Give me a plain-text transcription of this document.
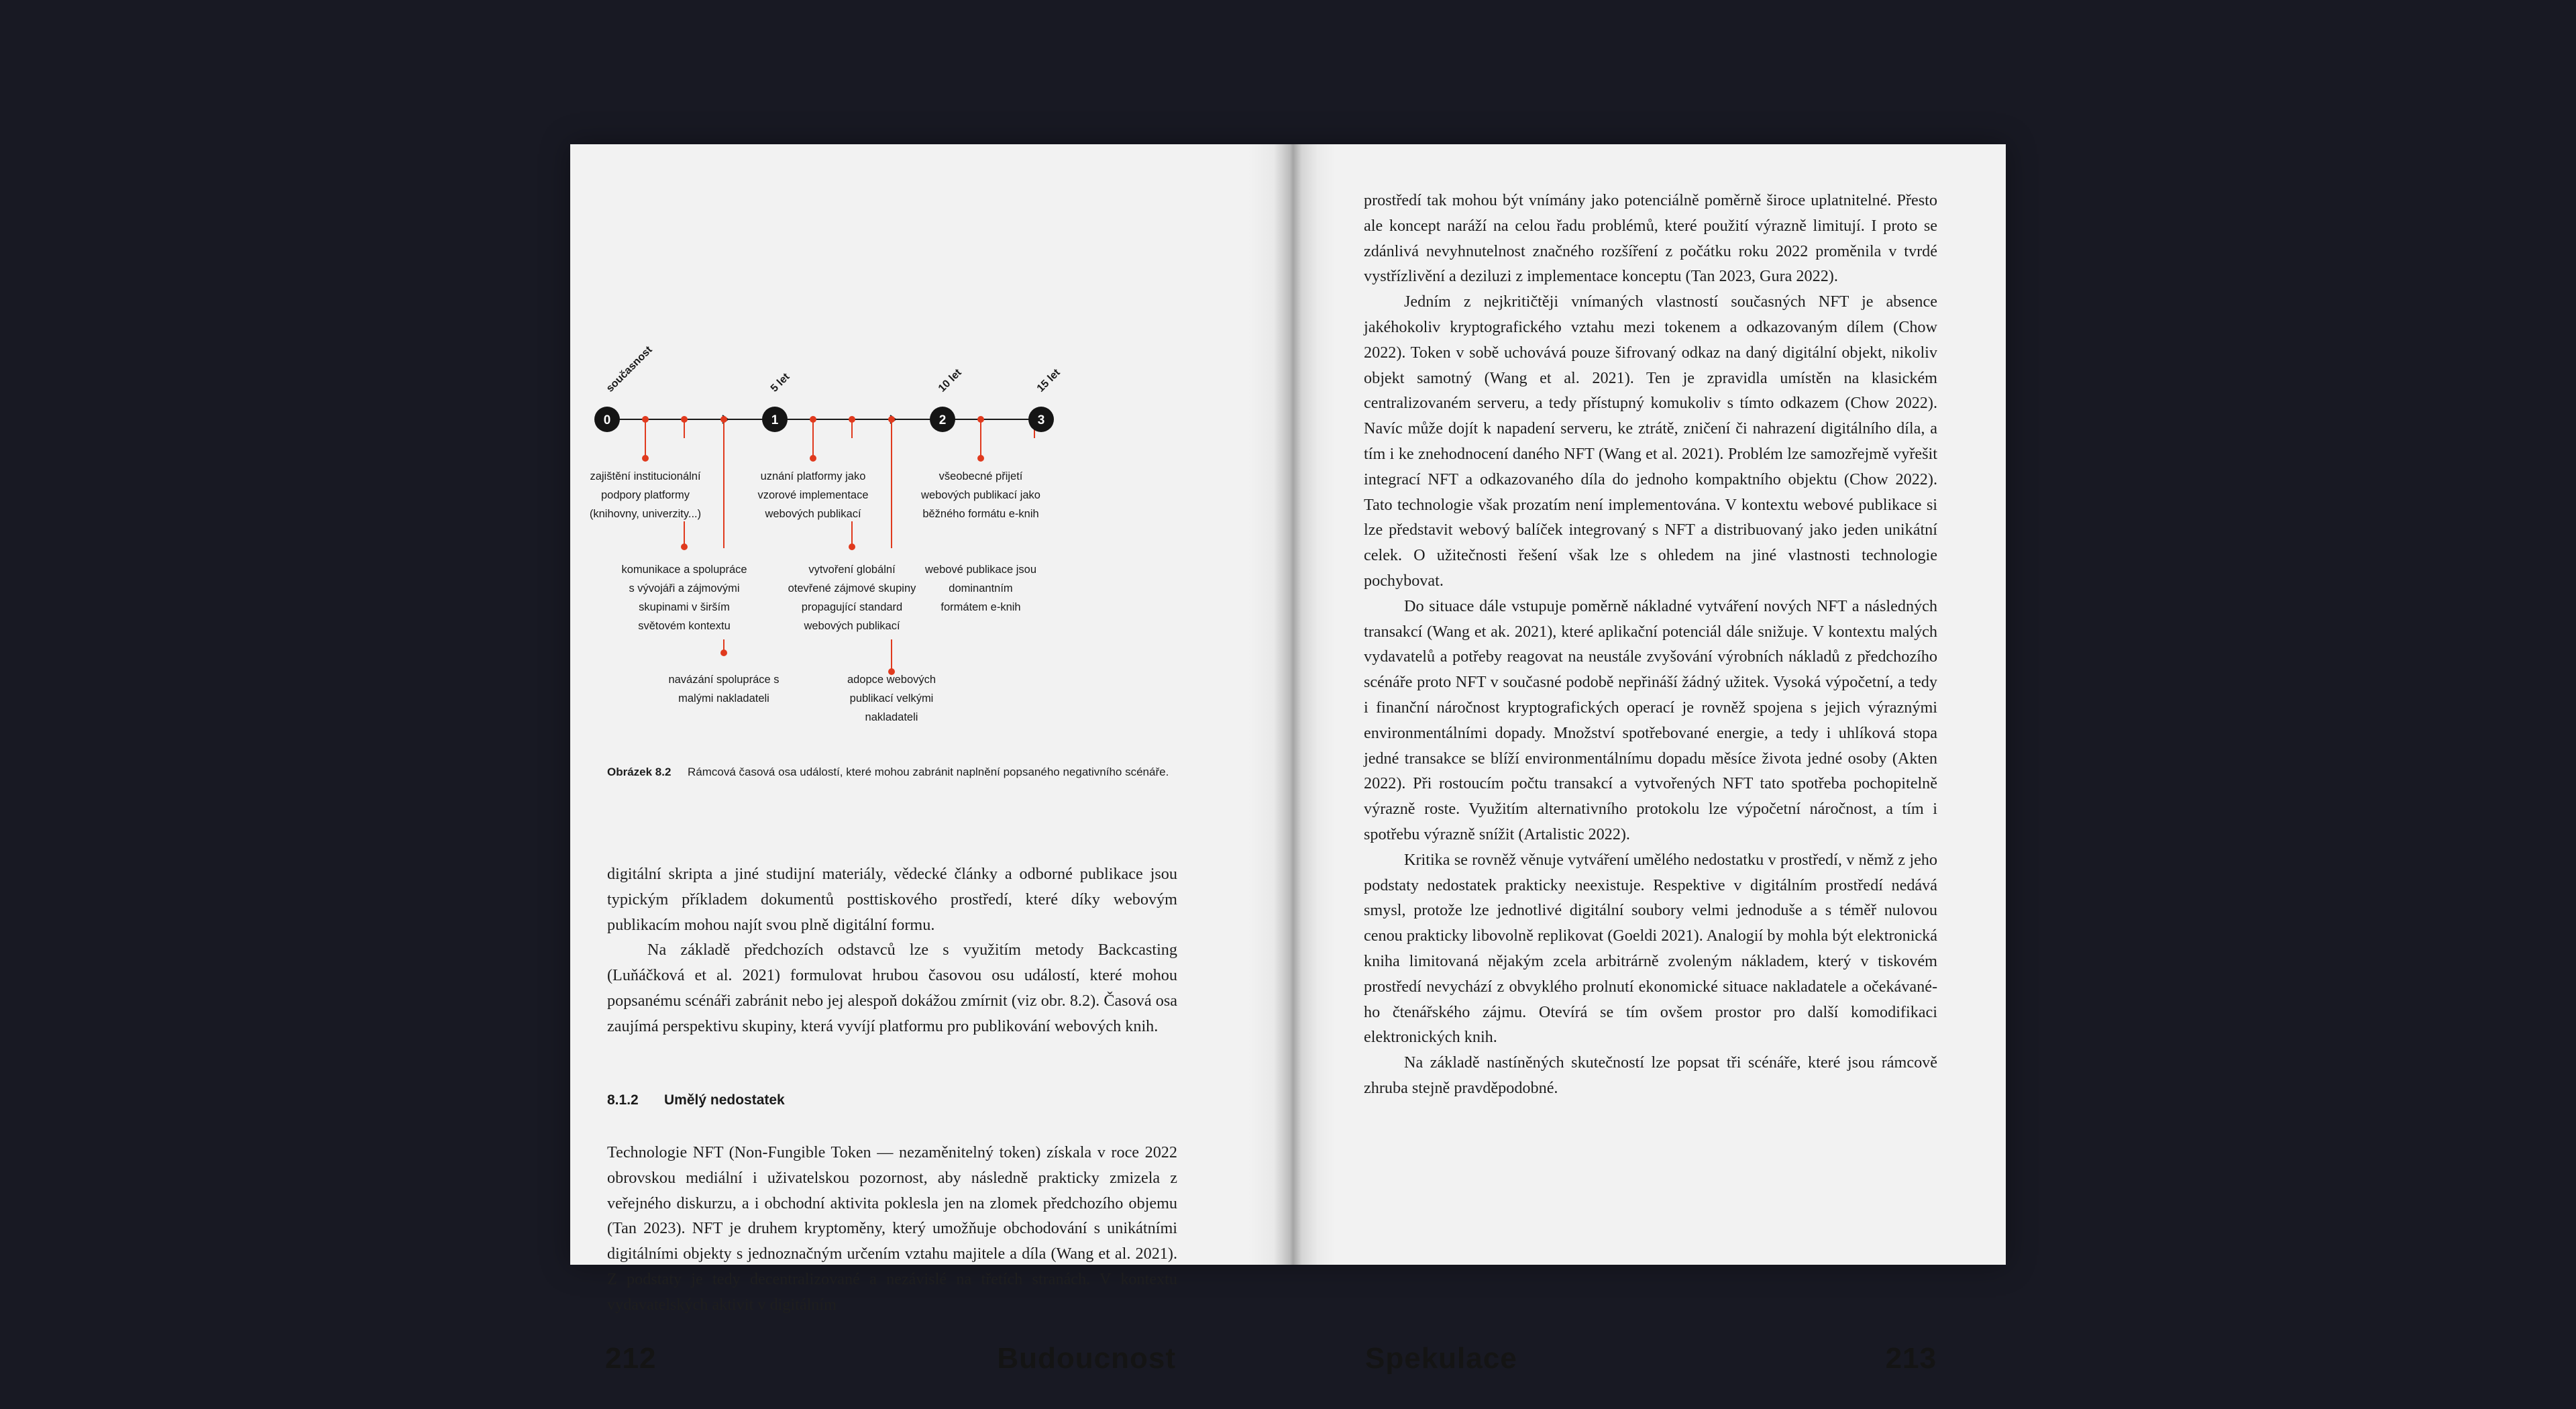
0
současnost
1
5 let
2
10 let
3
15 let
zajištění institucionální
podpory platformy
(knihovny, univerzity...)
komunikace a spolupráce
s vývojáři a zájmovými
skupinami v širším
světovém kontextu
navázání spolupráce s
malými nakladateli
uznání platformy jako
vzorové implementace
webových publikací
vytvoření globální
otevřené zájmové skupiny
propagující standard
webových publikací
adopce webových
publikací velkými
nakladateli
všeobecné přijetí
webových publikací jako
běžného formátu e-knih
webové publikace jsou
dominantním
formátem e-knih
Obrázek 8.2 Rámcová časová osa událostí, které mohou zabránit naplnění popsaného negativního scénáře.

digitální skripta a jiné studijní materiály, vědecké články a odborné publikace jsou typickým příkladem dokumentů posttiskového prostředí, které díky webovým publikacím mohou najít svou plně digitální formu.

Na základě předchozích odstavců lze s využitím metody Backcasting (Luňáčková et al. 2021) formulovat hrubou časovou osu událostí, které mohou popsanému scénáři zabránit nebo jej alespoň dokážou zmírnit (viz obr. 8.2). Časová osa zaujímá perspektivu skupiny, která vyvíjí platformu pro publikování webových knih.

8.1.2 Umělý nedostatek

Technologie NFT (Non-Fungible Token — nezaměnitelný token) získala v roce 2022 obrovskou mediální i uživatelskou pozornost, aby následně prakticky zmizela z veřejného diskurzu, a i obchodní aktivita poklesla jen na zlomek předchozího objemu (Tan 2023). NFT je druhem kryptoměny, který umožňuje obchodování s unikátními digitálními objekty s jednoznačným určením vztahu majitele a díla (Wang et al. 2021). Z podstaty je tedy decentralizované a nezávislé na třetích stranách. V kontextu vydavatelských aktivit v digitálním

212	Budoucnost

prostředí tak mohou být vnímány jako potenciálně poměrně široce uplatnitelné. Přesto ale koncept naráží na celou řadu problémů, které použití výrazně limitují. I proto se zdánlivá nevyhnutelnost značného rozšíření z počátku roku 2022 proměnila v tvrdé vystřízlivění a deziluzi z implementace konceptu (Tan 2023, Gura 2022).

Jedním z nejkritičtěji vnímaných vlastností současných NFT je absence jakéhokoliv kryptografického vztahu mezi tokenem a odkazovaným dílem (Chow 2022). Token v sobě uchovává pouze šifrovaný odkaz na daný digitální objekt, nikoliv objekt samotný (Wang et al. 2021). Ten je zpravidla umístěn na klasickém centralizovaném serveru, a tedy přístupný komukoliv s tímto odkazem (Chow 2022). Navíc může dojít k napadení serveru, ke ztrátě, zničení či nahrazení digitálního díla, a tím i ke znehodnocení daného NFT (Wang et al. 2021). Problém lze samozřejmě vyřešit integrací NFT a odkazovaného díla do jednoho kompaktního objektu (Chow 2022). Tato technologie však prozatím není implementována. V kontextu webové publikace si lze představit webový balíček integrovaný s NFT a distribuovaný jako jeden unikátní celek. O užitečnosti řešení však lze s ohledem na jiné vlastnosti technologie pochybovat.

Do situace dále vstupuje poměrně nákladné vytváření nových NFT a následných transakcí (Wang et ak. 2021), které aplikační potenciál dále snižuje. V kontextu malých vydavatelů a potřeby reagovat na neustále zvyšování výrobních nákladů z předchozího scénáře proto NFT v současné podobě nepřináší žádný užitek. Vysoká výpočetní, a tedy i finanční náročnost kryptografických operací je rovněž spojena s jejich výraznými environmentálními dopady. Množství spotřebované energie, a tedy i uhlíková stopa jedné transakce se blíží environmentálnímu dopadu měsíce života jedné osoby (Akten 2022). Při rostoucím počtu transakcí a vytvořených NFT tato spotřeba pochopitelně výrazně roste. Využitím alternativního protokolu lze výpočetní náročnost, a tím i spotřebu výrazně snížit (Artalistic 2022).

Kritika se rovněž věnuje vytváření umělého nedostatku v prostředí, v němž z jeho podstaty nedostatek prakticky neexistuje. Respektive v digitálním prostředí nedává smysl, protože lze jednotlivé digitální soubory velmi jednoduše a s téměř nulovou cenou prakticky libovolně replikovat (Goeldi 2021). Analogií by mohla být elektronická kniha limitovaná nějakým zcela arbitrárně zvoleným nákladem, který v tiskovém prostředí nevychází z obvyklého prolnutí ekonomické situace nakladatele a očekávaného čtenářského zájmu. Otevírá se tím ovšem prostor pro další komodifikaci elektronických knih.

Na základě nastíněných skutečností lze popsat tři scénáře, které jsou rámcově zhruba stejně pravděpodobné.

Spekulace	213
